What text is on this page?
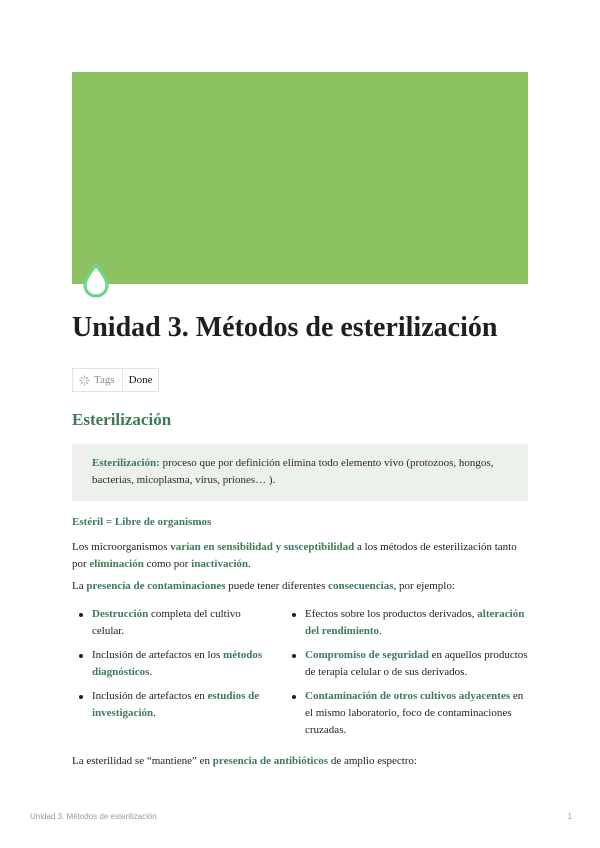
Unidad 3. Métodos de esterilización
Tags	Done
Esterilización
Esterilización: proceso que por definición elimina todo elemento vivo (protozoos, hongos, bacterias, micoplasma, virus, priones… ).
Estéril = Libre de organismos

Los microorganismos varían en sensibilidad y susceptibilidad a los métodos de esterilización tanto por eliminación como por inactivación.

La presencia de contaminaciones puede tener diferentes consecuencias, por ejemplo:

Destrucción completa del cultivo celular.
Inclusión de artefactos en los métodos diagnósticos.
Inclusión de artefactos en estudios de investigación.
Efectos sobre los productos derivados, alteración del rendimiento.
Compromiso de seguridad en aquellos productos de terapia celular o de sus derivados.
Contaminación de otros cultivos adyacentes en el mismo laboratorio, foco de contaminaciones cruzadas.

La esterilidad se “mantiene” en presencia de antibióticos de amplio espectro:

Unidad 3. Métodos de esterilización	1
